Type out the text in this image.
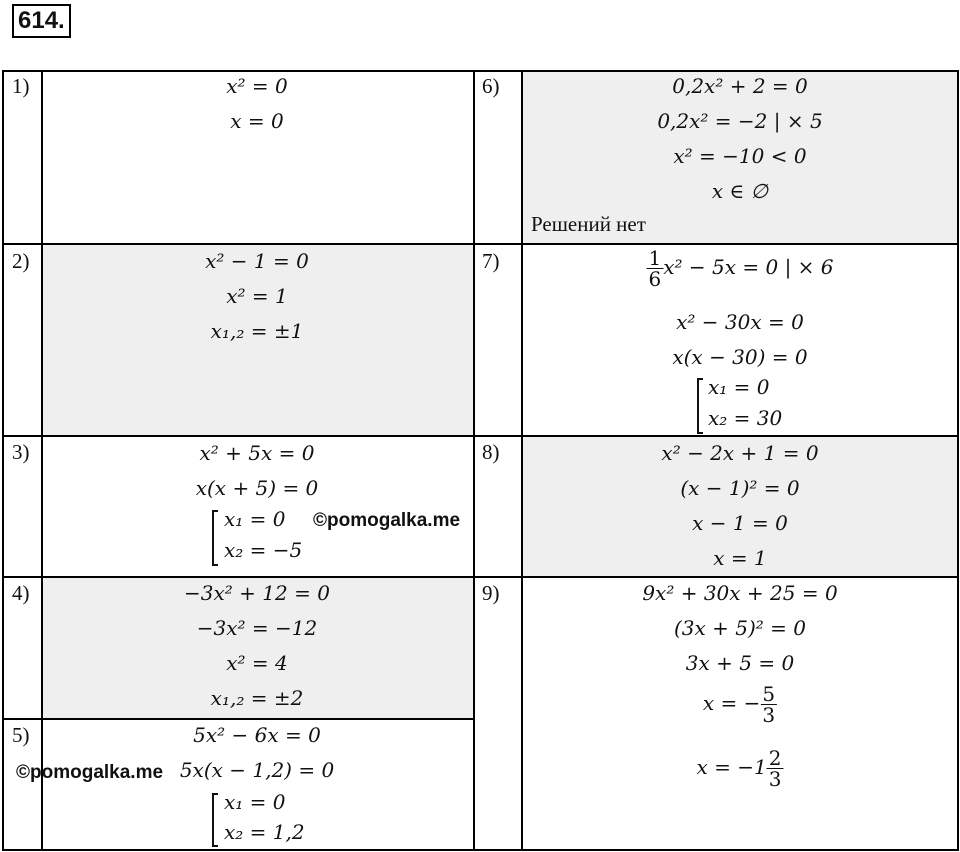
614.
1)	x² = 0
x = 0
2)	x² − 1 = 0
x² = 1
x₁,₂ = ±1
3)	x² + 5x = 0
x(x + 5) = 0
x₁ = 0
x₂ = −5
©pomogalka.me
4)	−3x² + 12 = 0
−3x² = −12
x² = 4
x₁,₂ = ±2
5)	5x² − 6x = 0
5x(x − 1,2) = 0
©pomogalka.me
x₁ = 0
x₂ = 1,2
6)	0,2x² + 2 = 0
0,2x² = −2 | × 5
x² = −10 < 0
x ∈ ∅
Решений нет
7)	$\frac{1}{6} x^2 - 5x = 0$ | × 6
x² − 30x = 0
x(x − 30) = 0
x₁ = 0
x₂ = 30
8)	x² − 2x + 1 = 0
(x − 1)² = 0
x − 1 = 0
x = 1
9)	9x² + 30x + 25 = 0
(3x + 5)² = 0
3x + 5 = 0
x = − $\frac{5}{3}$
$x = -1 \frac{2}{3}$
